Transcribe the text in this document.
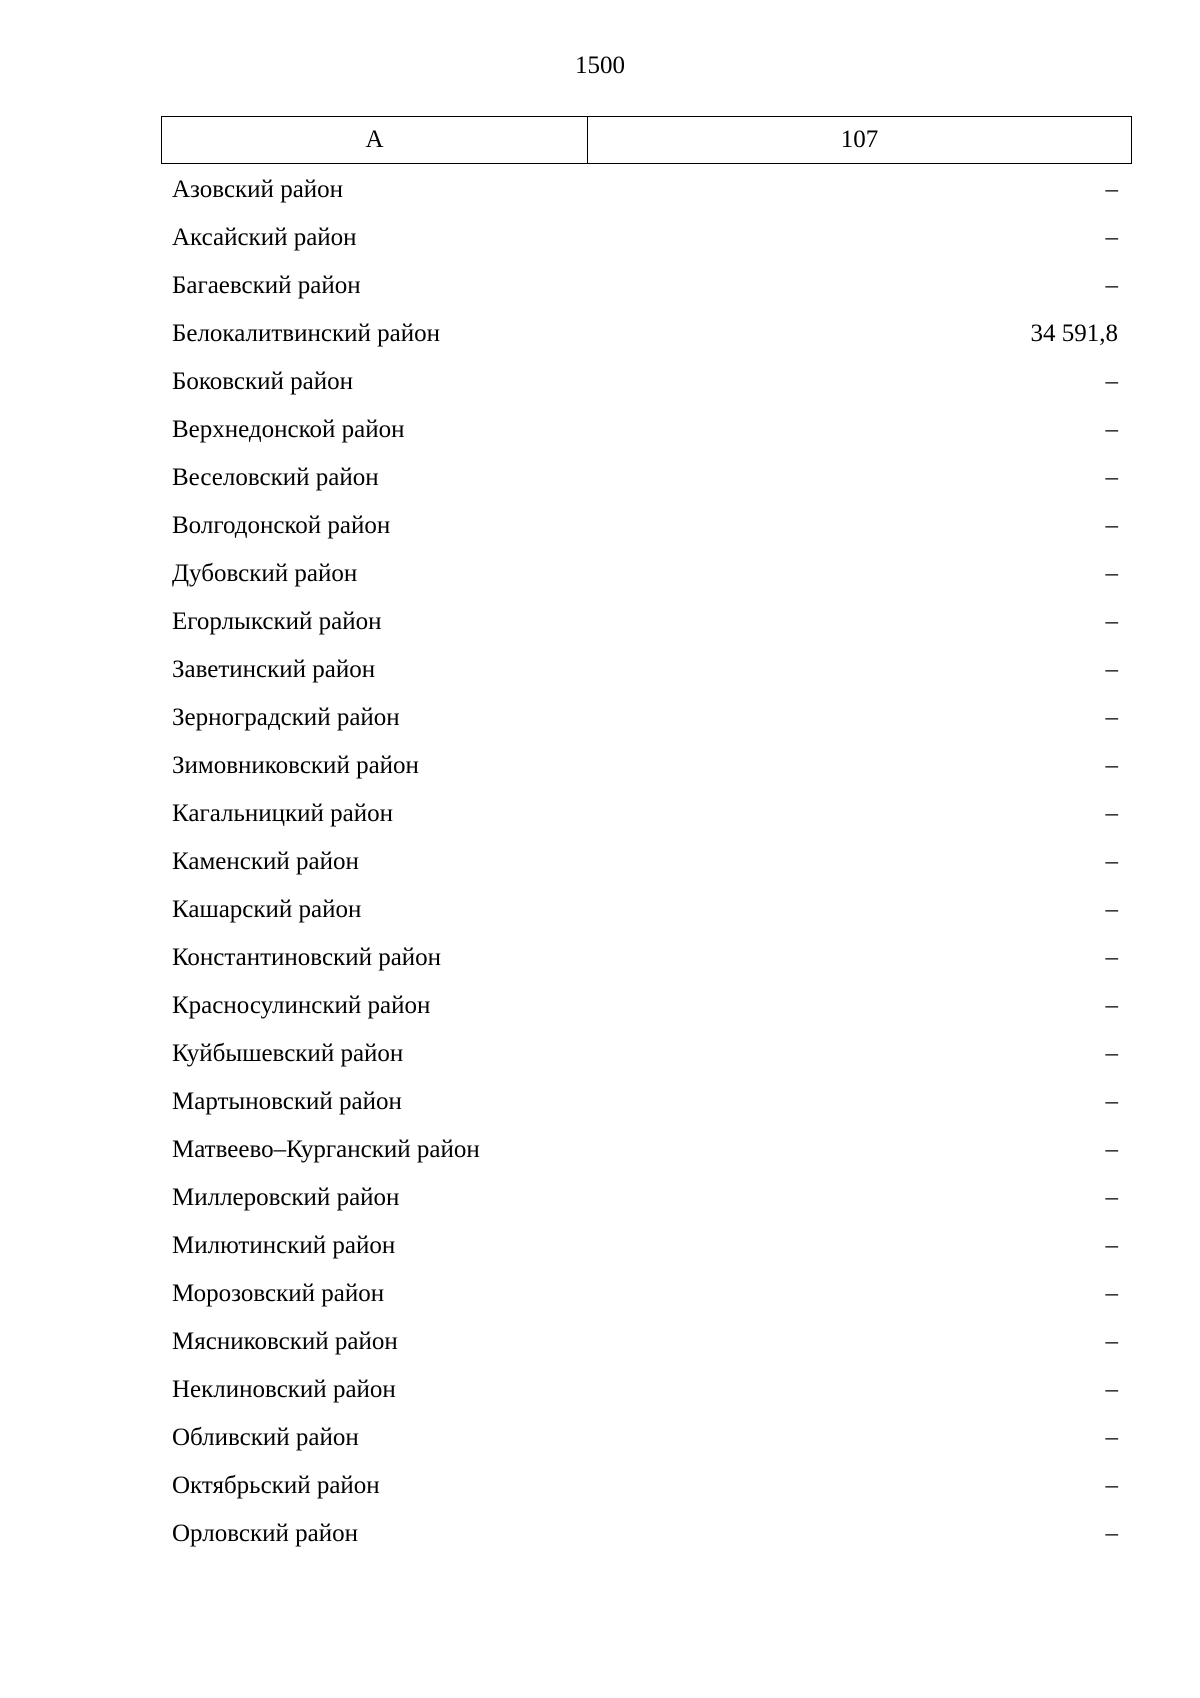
1500
А	107
Азовский район	–
Аксайский район	–
Багаевский район	–
Белокалитвинский район	34 591,8
Боковский район	–
Верхнедонской район	–
Веселовский район	–
Волгодонской район	–
Дубовский район	–
Егорлыкский район	–
Заветинский район	–
Зерноградский район	–
Зимовниковский район	–
Кагальницкий район	–
Каменский район	–
Кашарский район	–
Константиновский район	–
Красносулинский район	–
Куйбышевский район	–
Мартыновский район	–
Матвеево–Курганский район	–
Миллеровский район	–
Милютинский район	–
Морозовский район	–
Мясниковский район	–
Неклиновский район	–
Обливский район	–
Октябрьский район	–
Орловский район	–
